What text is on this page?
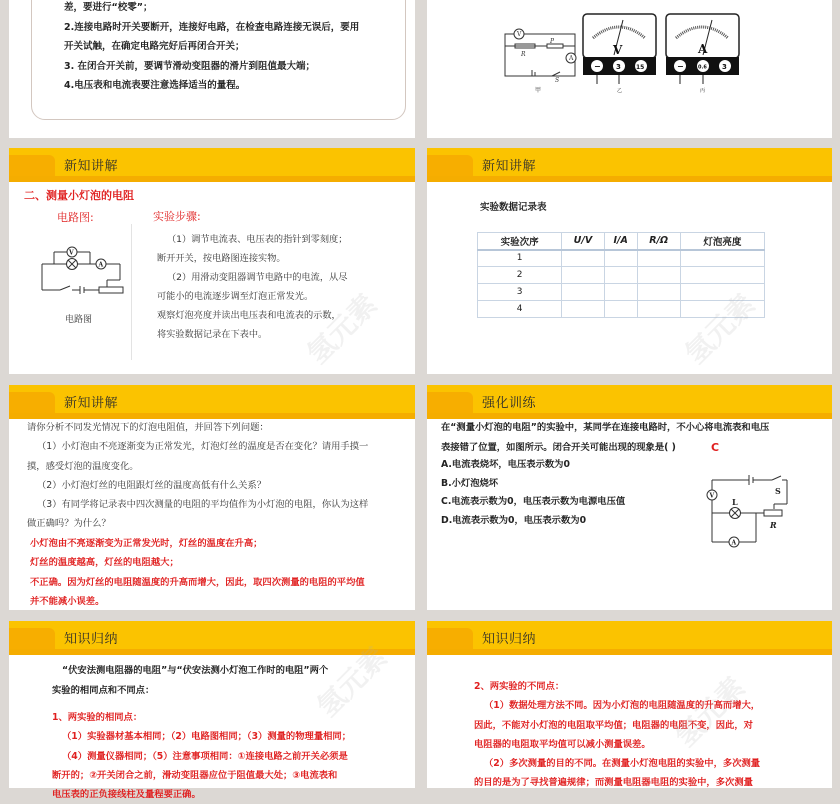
差，要进行“校零”；
2.连接电路时开关要断开，连接好电路，在检查电路连接无误后，要用
开关试触，在确定电路完好后再闭合开关；
3. 在闭合开关前，要调节滑动变阻器的滑片到阻值最大端；
4.电压表和电流表要注意选择适当的量程。
V
A
R
P
S
甲
V
− 3	15
乙
A
−	0.6 3
丙
新知讲解
二、测量小灯泡的电阻
电路图:
V
A
电路图
实验步骤:
（1）调节电流表、电压表的指针到零刻度；
断开开关，按电路图连接实物。
（2）用滑动变阻器调节电路中的电流，从尽
可能小的电流逐步调至灯泡正常发光。
观察灯泡亮度并读出电压表和电流表的示数，
将实验数据记录在下表中。	氢元素
新知讲解
实验数据记录表
实验次序	U/V	I/A	R/Ω	灯泡亮度
1				
2				
3				
4					氢元素
新知讲解
请你分析不同发光情况下的灯泡电阻值，并回答下列问题：
（1）小灯泡由不亮逐渐变为正常发光，灯泡灯丝的温度是否在变化？请用手摸一
摸，感受灯泡的温度变化。
（2）小灯泡灯丝的电阻跟灯丝的温度高低有什么关系？
（3）有同学将记录表中四次测量的电阻的平均值作为小灯泡的电阻，你认为这样
做正确吗？为什么？
小灯泡由不亮逐渐变为正常发光时，灯丝的温度在升高；
灯丝的温度越高，灯丝的电阻越大；
不正确。因为灯丝的电阻随温度的升高而增大，因此，取四次测量的电阻的平均值
并不能减小误差。
强化训练
在“测量小灯泡的电阻”的实验中，某同学在连接电路时，不小心将电流表和电压
表接错了位置，如图所示。闭合开关可能出现的现象是( )	C
A.电流表烧坏，电压表示数为0
B.小灯泡烧坏
C.电流表示数为0，电压表示数为电源电压值
D.电流表示数为0，电压表示数为0
V
A
L
S
R
知识归纳
“伏安法测电阻器的电阻”与“伏安法测小灯泡工作时的电阻”两个
实验的相同点和不同点：
1、两实验的相同点：
（1）实验器材基本相同；（2）电路图相同；（3）测量的物理量相同；
（4）测量仪器相同；（5）注意事项相同：①连接电路之前开关必须是
断开的；②开关闭合之前，滑动变阻器应位于阻值最大处；③电流表和
电压表的正负接线柱及量程要正确。
氢元素
知识归纳
2、两实验的不同点：
（1）数据处理方法不同。因为小灯泡的电阻随温度的升高而增大，
因此，不能对小灯泡的电阻取平均值；电阻器的电阻不变，因此，对
电阻器的电阻取平均值可以减小测量误差。
（2）多次测量的目的不同。在测量小灯泡电阻的实验中，多次测量
的目的是为了寻找普遍规律；而测量电阻器电阻的实验中，多次测量
氢元素
